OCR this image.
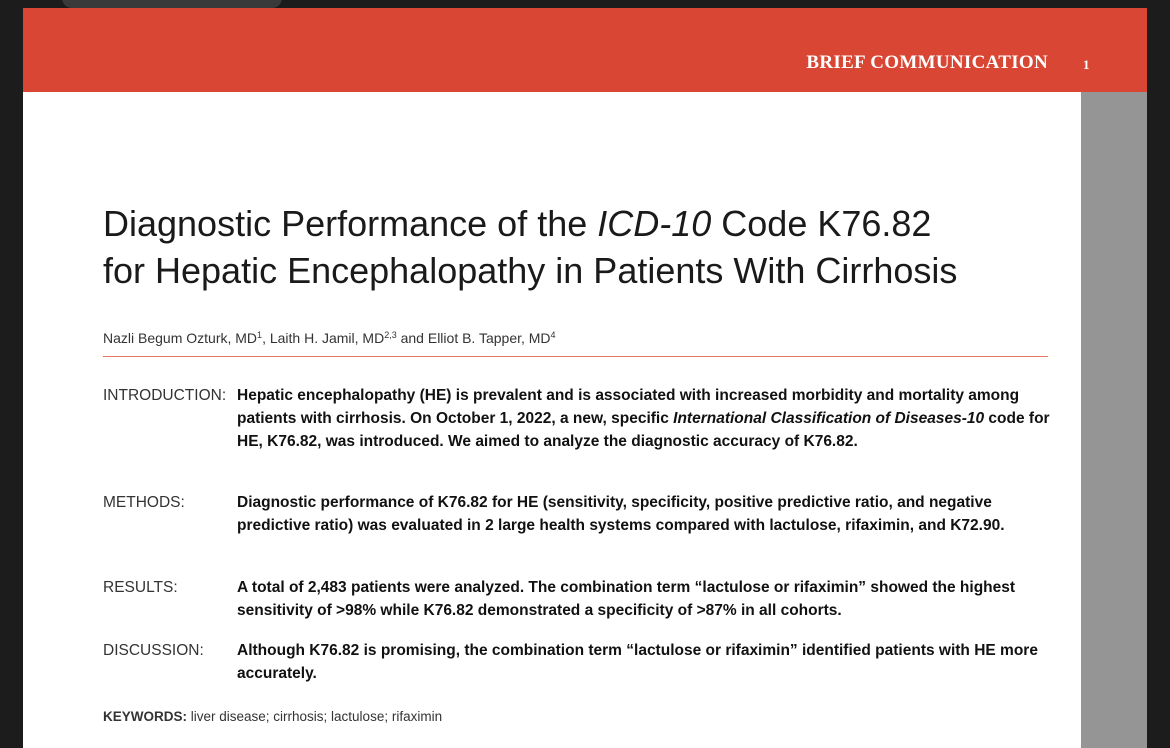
BRIEF COMMUNICATION	1
Diagnostic Performance of the ICD-10 Code K76.82
for Hepatic Encephalopathy in Patients With Cirrhosis
Nazli Begum Ozturk, $MD^1$, Laith H. Jamil, MD$^{2,3}$ and Elliot B. Tapper, $MD^4$
INTRODUCTION: Hepatic encephalopathy (HE) is prevalent and is associated with increased morbidity and mortality among patients with cirrhosis. On October 1, 2022, a new, specific International Classification of Diseases-10 code for HE, K76.82, was introduced. We aimed to analyze the diagnostic accuracy of K76.82.
METHODS:	Diagnostic performance of K76.82 for HE (sensitivity, specificity, positive predictive ratio, and negative predictive ratio) was evaluated in 2 large health systems compared with lactulose, rifaximin, and K72.90.
RESULTS:	A total of 2,483 patients were analyzed. The combination term “lactulose or rifaximin” showed the highest sensitivity of >98% while K76.82 demonstrated a specificity of >87% in all cohorts.
DISCUSSION:	Although K76.82 is promising, the combination term “lactulose or rifaximin” identified patients with HE more accurately.
KEYWORDS: liver disease; cirrhosis; lactulose; rifaximin
